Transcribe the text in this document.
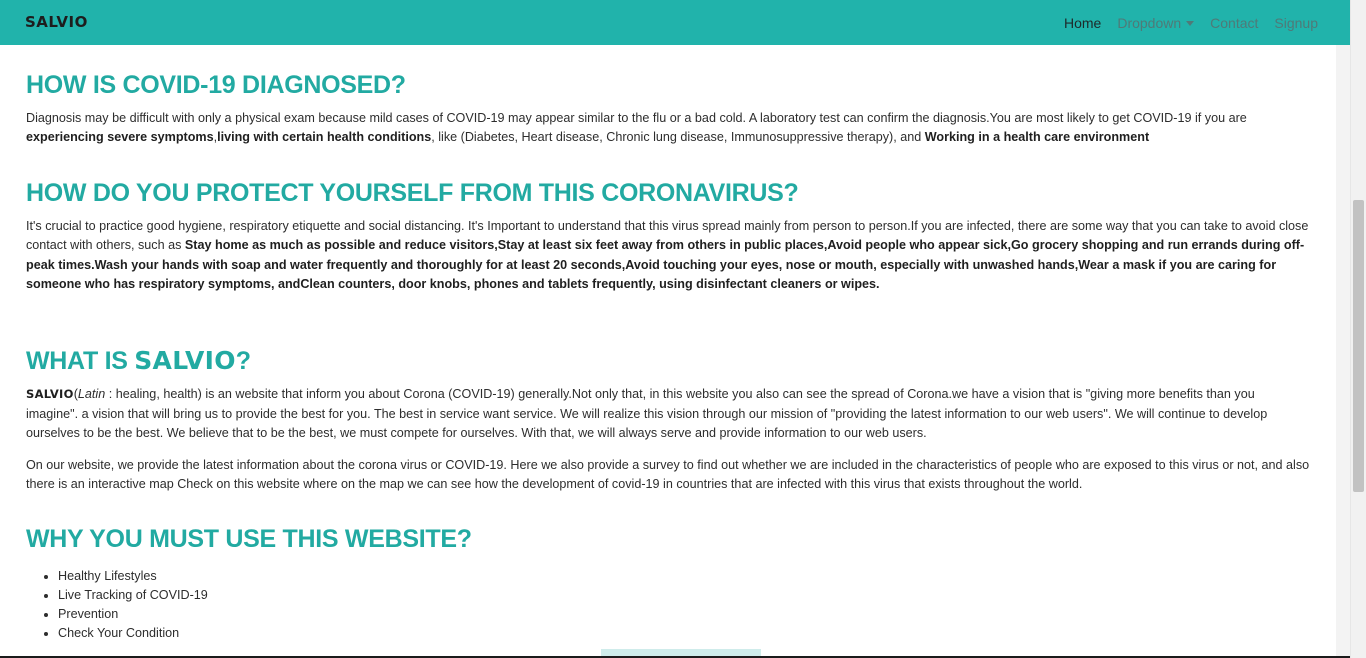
SALVIO	Home Dropdown	Contact Signup
HOW IS COVID-19 DIAGNOSED?

Diagnosis may be difficult with only a physical exam because mild cases of COVID-19 may appear similar to the flu or a bad cold. A laboratory test can confirm the diagnosis.You are most likely to get COVID-19 if you are experiencing severe symptoms,living with certain health conditions, like (Diabetes, Heart disease, Chronic lung disease, Immunosuppressive therapy), and Working in a health care environment

HOW DO YOU PROTECT YOURSELF FROM THIS CORONAVIRUS?

It's crucial to practice good hygiene, respiratory etiquette and social distancing. It's Important to understand that this virus spread mainly from person to person.If you are infected, there are some way that you can take to avoid close contact with others, such as Stay home as much as possible and reduce visitors,Stay at least six feet away from others in public places,Avoid people who appear sick,Go grocery shopping and run errands during off-peak times.Wash your hands with soap and water frequently and thoroughly for at least 20 seconds,Avoid touching your eyes, nose or mouth, especially with unwashed hands,Wear a mask if you are caring for someone who has respiratory symptoms, andClean counters, door knobs, phones and tablets frequently, using disinfectant cleaners or wipes.

WHAT IS SALVIO?

SALVIO(Latin : healing, health) is an website that inform you about Corona (COVID-19) generally.Not only that, in this website you also can see the spread of Corona.we have a vision that is "giving more benefits than you imagine". a vision that will bring us to provide the best for you. The best in service want service. We will realize this vision through our mission of "providing the latest information to our web users". We will continue to develop ourselves to be the best. We believe that to be the best, we must compete for ourselves. With that, we will always serve and provide information to our web users.

On our website, we provide the latest information about the corona virus or COVID-19. Here we also provide a survey to find out whether we are included in the characteristics of people who are exposed to this virus or not, and also there is an interactive map Check on this website where on the map we can see how the development of covid-19 in countries that are infected with this virus that exists throughout the world.

WHY YOU MUST USE THIS WEBSITE?
• Healthy Lifestyles
• Live Tracking of COVID-19
• Prevention
• Check Your Condition
